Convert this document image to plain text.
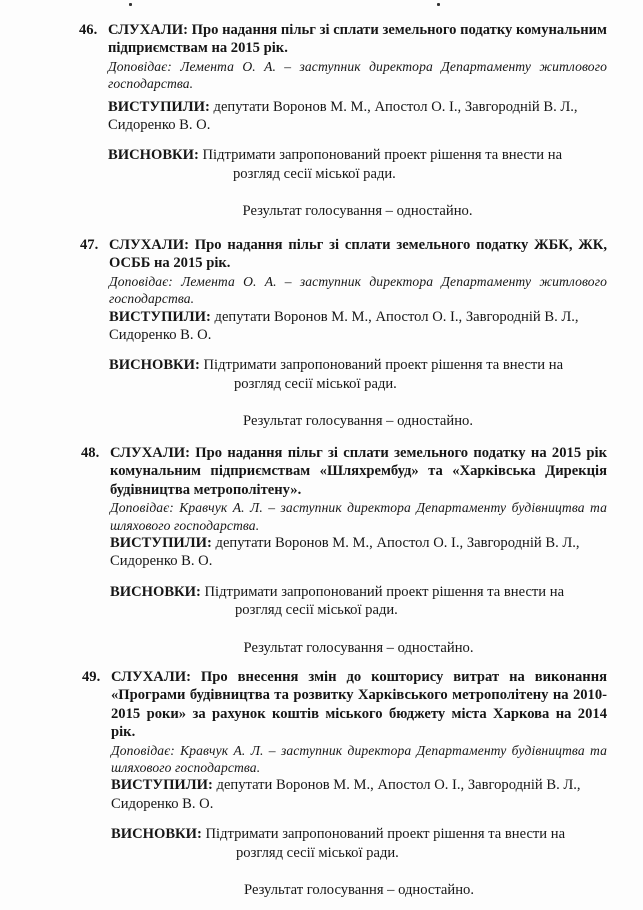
46. СЛУХАЛИ: Про надання пільг зі сплати земельного податку комунальним підприємствам на 2015 рік.
Доповідає: Лемента О. А. – заступник директора Департаменту житлового господарства.
ВИСТУПИЛИ: депутати Воронов М. М., Апостол О. І., Завгородній В. Л., Сидоренко В. О.
ВИСНОВКИ: Підтримати запропонований проект рішення та внести на
розгляд сесії міської ради.
Результат голосування – одностайно.
47. СЛУХАЛИ: Про надання пільг зі сплати земельного податку ЖБК, ЖК, ОСББ на 2015 рік.
Доповідає: Лемента О. А. – заступник директора Департаменту житлового господарства.
ВИСТУПИЛИ: депутати Воронов М. М., Апостол О. І., Завгородній В. Л., Сидоренко В. О.
ВИСНОВКИ: Підтримати запропонований проект рішення та внести на
розгляд сесії міської ради.
Результат голосування – одностайно.
48. СЛУХАЛИ: Про надання пільг зі сплати земельного податку на 2015 рік комунальним підприємствам «Шляхрембуд» та «Харківська Дирекція будівництва метрополітену».
Доповідає: Кравчук А. Л. – заступник директора Департаменту будівництва та шляхового господарства.
ВИСТУПИЛИ: депутати Воронов М. М., Апостол О. І., Завгородній В. Л., Сидоренко В. О.
ВИСНОВКИ: Підтримати запропонований проект рішення та внести на
розгляд сесії міської ради.
Результат голосування – одностайно.
49. СЛУХАЛИ: Про внесення змін до кошторису витрат на виконання «Програми будівництва та розвитку Харківського метрополітену на 2010-2015 роки» за рахунок коштів міського бюджету міста Харкова на 2014 рік.
Доповідає: Кравчук А. Л. – заступник директора Департаменту будівництва та шляхового господарства.
ВИСТУПИЛИ: депутати Воронов М. М., Апостол О. І., Завгородній В. Л., Сидоренко В. О.
ВИСНОВКИ: Підтримати запропонований проект рішення та внести на
розгляд сесії міської ради.
Результат голосування – одностайно.
